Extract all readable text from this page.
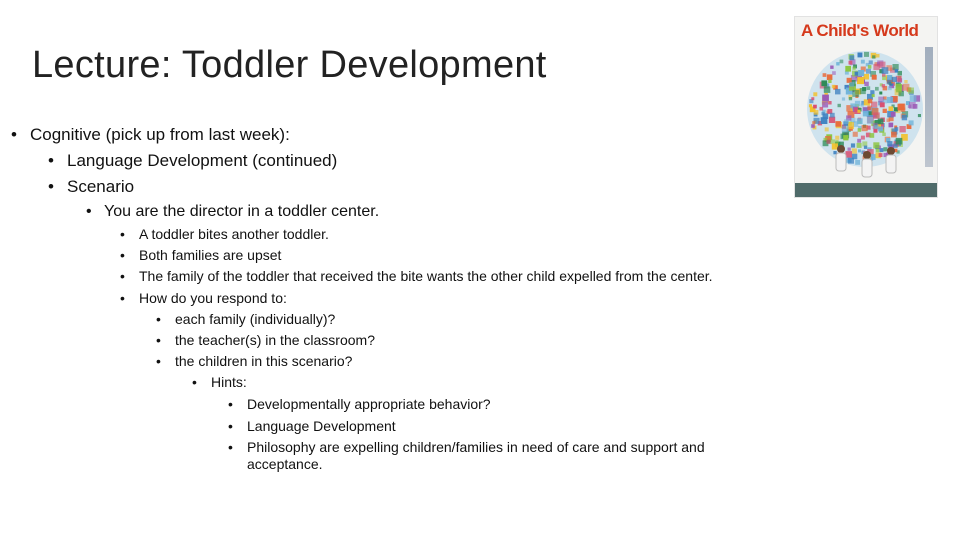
Lecture: Toddler Development
• Cognitive (pick up from last week):
• Language Development (continued)
• Scenario
• You are the director in a toddler center.
• A toddler bites another toddler.
• Both families are upset
• The family of the toddler that received the bite wants the other child expelled from the center.
• How do you respond to:
• each family (individually)?
• the teacher(s) in the classroom?
• the children in this scenario?
• Hints:
• Developmentally appropriate behavior?
• Language Development
• Philosophy are expelling children/families in need of care and support and
acceptance.
A Child's World
